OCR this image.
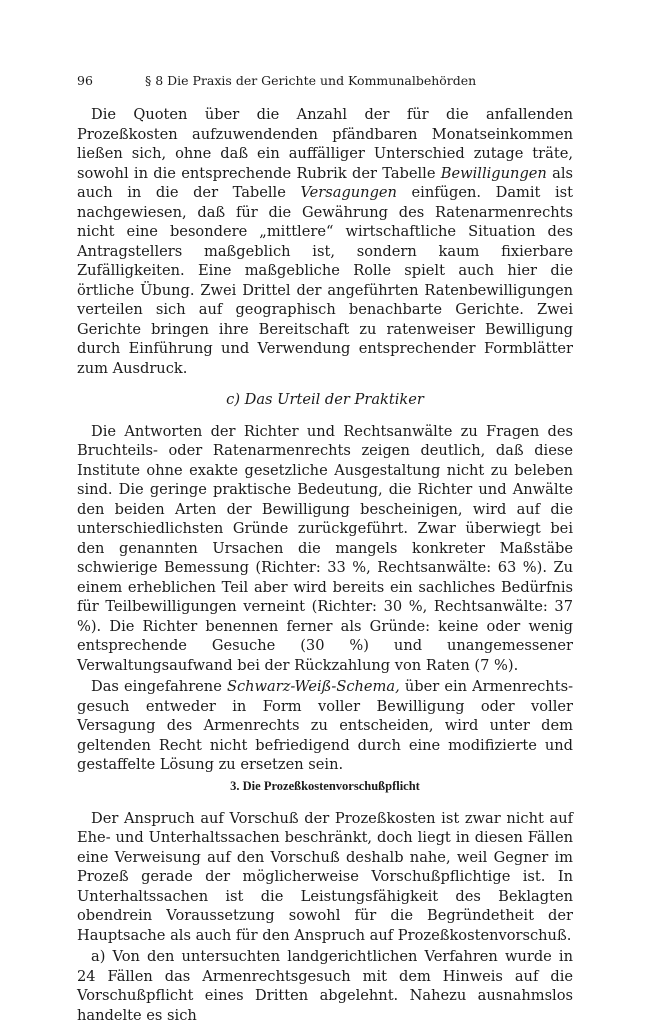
96	§ 8 Die Praxis der Gerichte und Kommunalbehörden

Die Quoten über die Anzahl der für die anfallenden Prozeßkosten aufzuwendenden pfändbaren Monatseinkommen ließen sich, ohne daß ein auffälliger Unterschied zutage träte, sowohl in die entsprechende Rubrik der Tabelle Bewilligungen als auch in die der Tabelle Versagungen einfügen. Damit ist nachgewiesen, daß für die Gewährung des Ratenarmenrechts nicht eine besondere „mittlere“ wirtschaftliche Situation des Antragstellers maßgeblich ist, sondern kaum fixierbare Zufälligkeiten. Eine maßgebliche Rolle spielt auch hier die örtliche Übung. Zwei Drittel der angeführten Ratenbewilligungen verteilen sich auf geographisch benachbarte Gerichte. Zwei Gerichte bringen ihre Bereitschaft zu ratenweiser Bewilligung durch Einführung und Verwendung entsprechender Formblätter zum Ausdruck.

c) Das Urteil der Praktiker

Die Antworten der Richter und Rechtsanwälte zu Fragen des Bruchteils- oder Ratenarmenrechts zeigen deutlich, daß diese Institute ohne exakte gesetzliche Ausgestaltung nicht zu beleben sind. Die geringe praktische Bedeutung, die Richter und Anwälte den beiden Arten der Bewilligung bescheinigen, wird auf die unterschiedlichsten Gründe zurückgeführt. Zwar überwiegt bei den genannten Ursachen die mangels konkreter Maßstäbe schwierige Bemessung (Richter: 33 %, Rechtsanwälte: 63 %). Zu einem erheblichen Teil aber wird bereits ein sachliches Bedürfnis für Teilbewilligungen verneint (Richter: 30 %, Rechtsanwälte: 37 %). Die Richter benennen ferner als Gründe: keine oder wenig entsprechende Gesuche (30 %) und unangemessener Verwaltungsaufwand bei der Rückzahlung von Raten (7 %).

Das eingefahrene Schwarz-Weiß-Schema, über ein Armenrechtsgesuch entweder in Form voller Bewilligung oder voller Versagung des Armenrechts zu entscheiden, wird unter dem geltenden Recht nicht befriedigend durch eine modifizierte und gestaffelte Lösung zu ersetzen sein.

3. Die Prozeßkostenvorschußpflicht

Der Anspruch auf Vorschuß der Prozeßkosten ist zwar nicht auf Ehe- und Unterhaltssachen beschränkt, doch liegt in diesen Fällen eine Verweisung auf den Vorschuß deshalb nahe, weil Gegner im Prozeß gerade der möglicherweise Vorschußpflichtige ist. In Unterhaltssachen ist die Leistungsfähigkeit des Beklagten obendrein Voraussetzung sowohl für die Begründetheit der Hauptsache als auch für den Anspruch auf Prozeßkostenvorschuß.

a) Von den untersuchten landgerichtlichen Verfahren wurde in 24 Fällen das Armenrechtsgesuch mit dem Hinweis auf die Vorschußpflicht eines Dritten abgelehnt. Nahezu ausnahmslos handelte es sich
